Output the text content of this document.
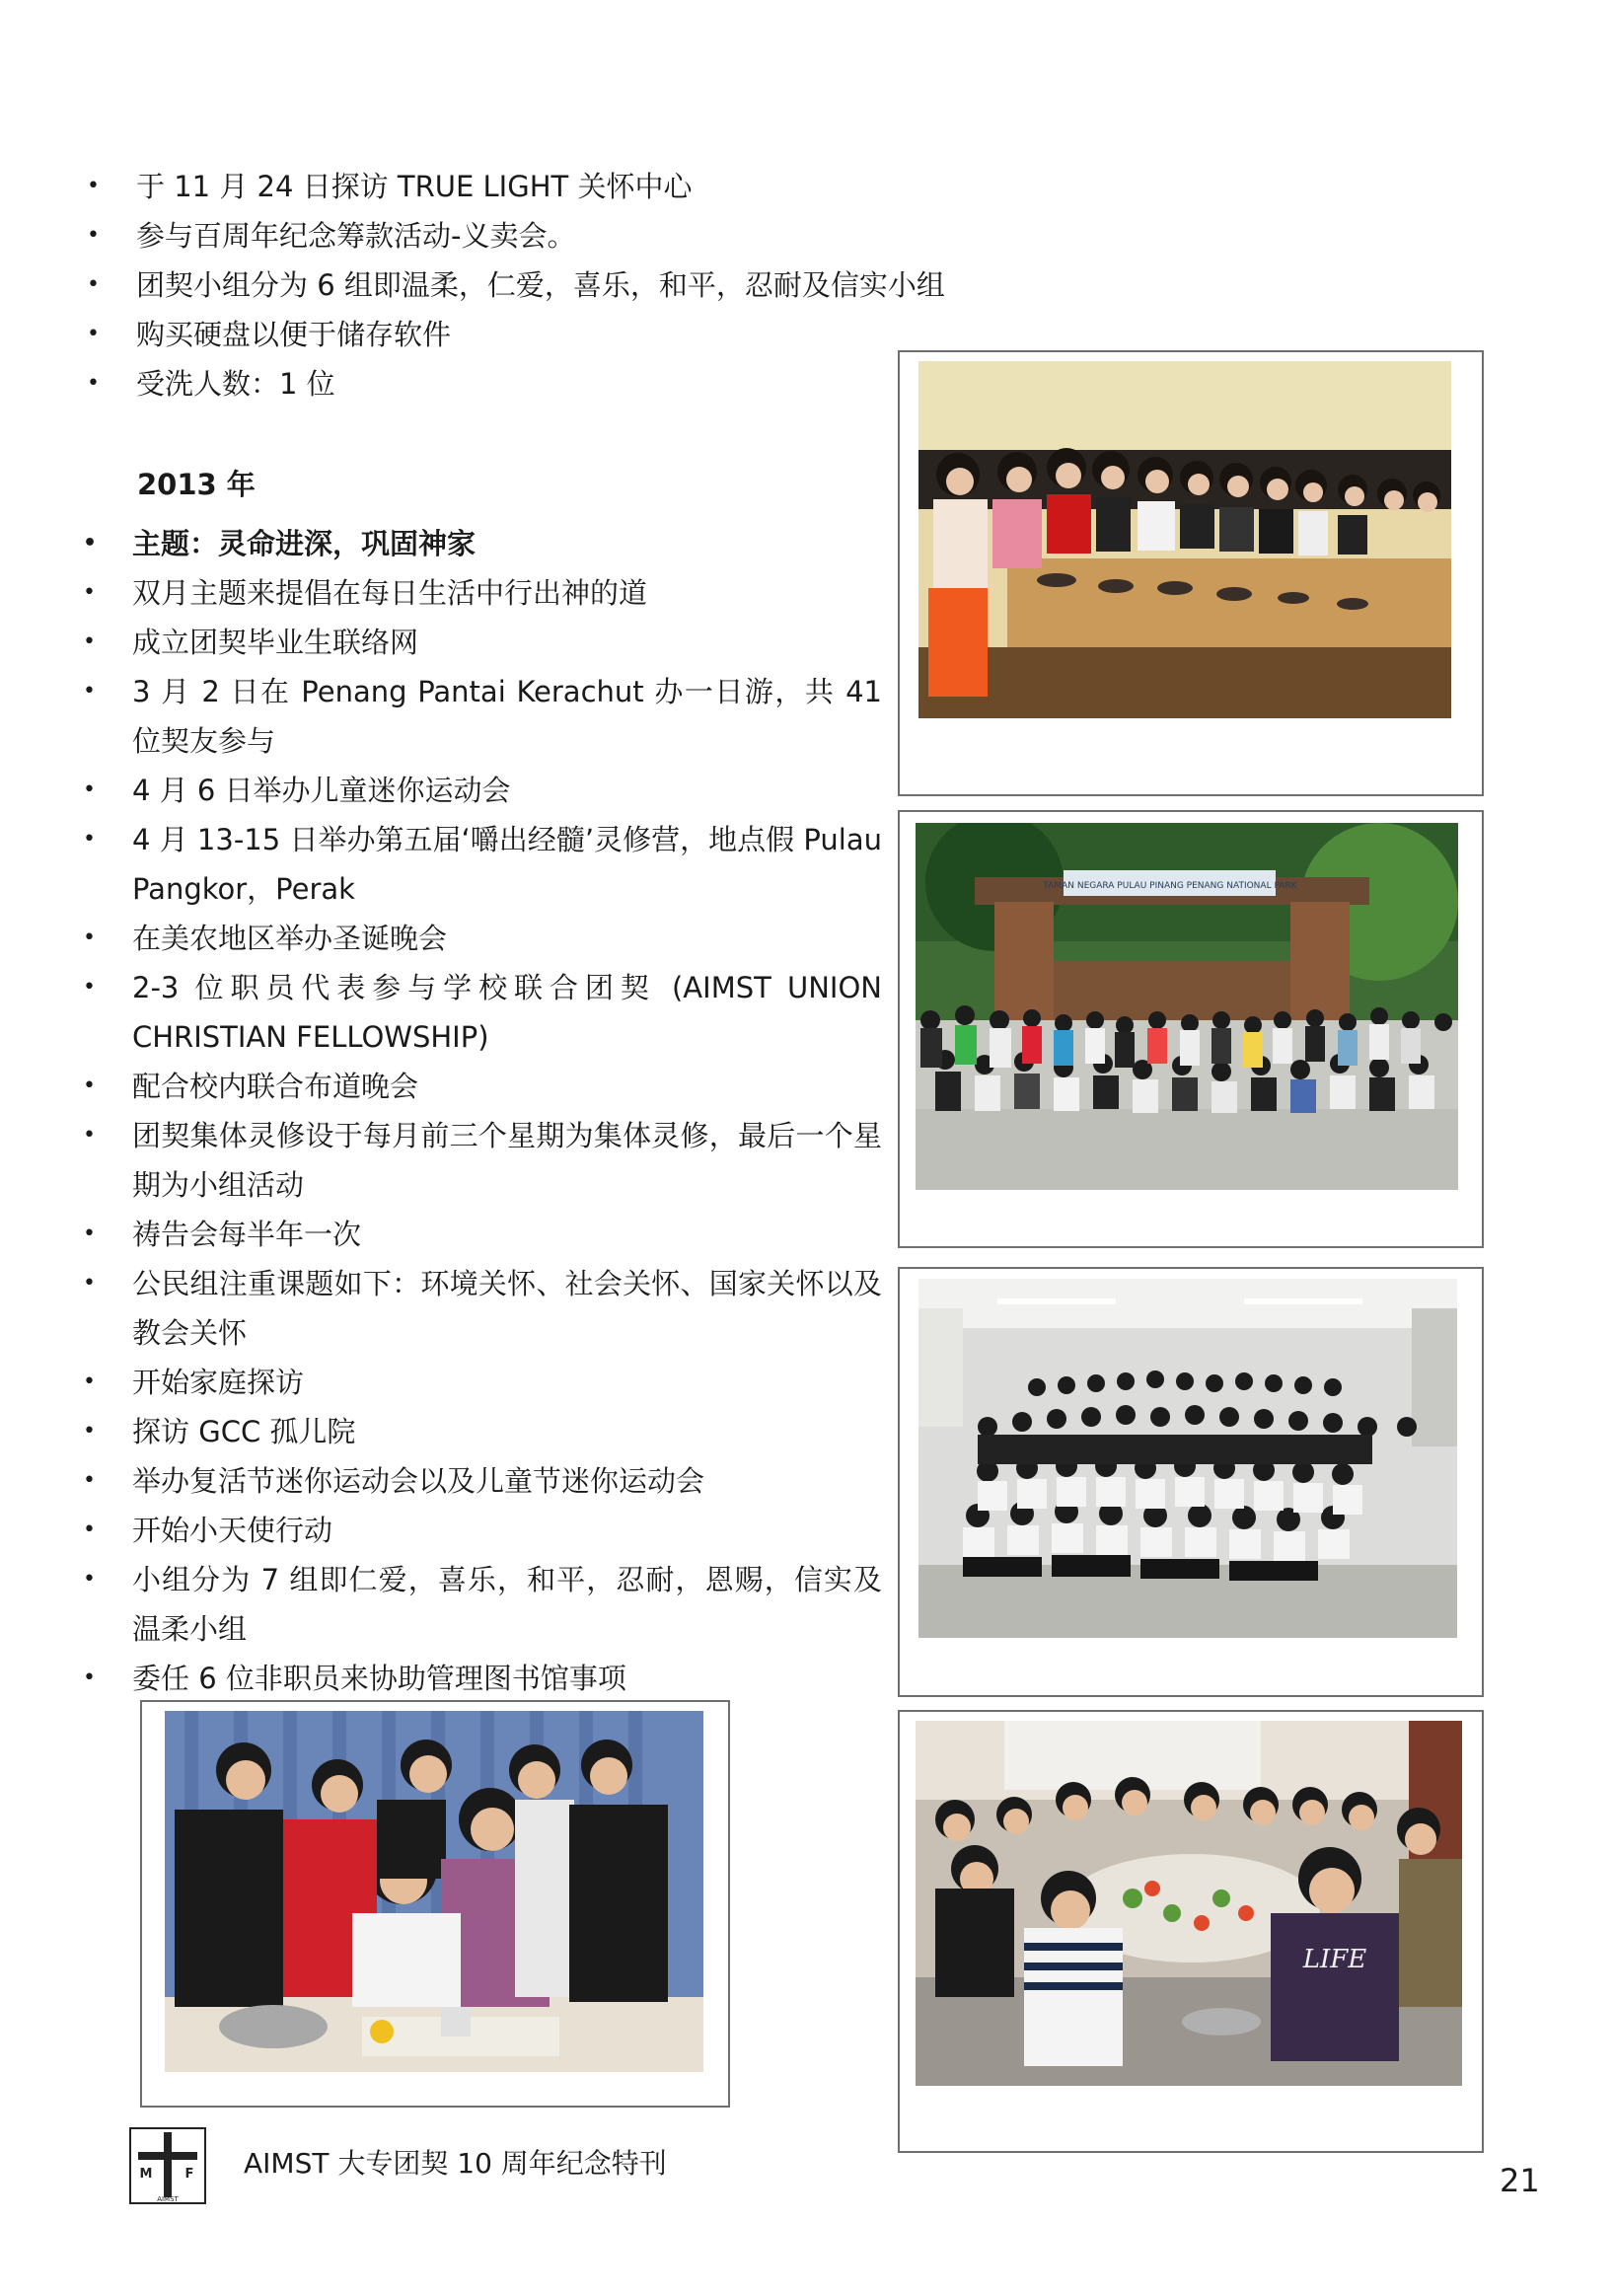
•	于 11 月 24 日探访 TRUE LIGHT 关怀中心
•	参与百周年纪念筹款活动-义卖会。
•	团契小组分为 6 组即温柔，仁爱，喜乐，和平，忍耐及信实小组
•	购买硬盘以便于储存软件
•	受洗人数：1 位
2013 年
•	主题：灵命进深，巩固神家
•	双月主题来提倡在每日生活中行出神的道
•	成立团契毕业生联络网
•	3 月 2 日在 Penang Pantai Kerachut 办一日游，共 41 位契友参与
•	4 月 6 日举办儿童迷你运动会
•	4 月 13-15 日举办第五届‘嚼出经髓’灵修营，地点假 Pulau Pangkor，Perak
•	在美农地区举办圣诞晚会
•	2-3 位职员代表参与学校联合团契 (AIMST UNION CHRISTIAN FELLOWSHIP)
•	配合校内联合布道晚会
•	团契集体灵修设于每月前三个星期为集体灵修，最后一个星期为小组活动
•	祷告会每半年一次
•	公民组注重课题如下：环境关怀、社会关怀、国家关怀以及教会关怀
•	开始家庭探访
•	探访 GCC 孤儿院
•	举办复活节迷你运动会以及儿童节迷你运动会
•	开始小天使行动
•	小组分为 7 组即仁爱，喜乐，和平，忍耐，恩赐，信实及温柔小组
•	委任 6 位非职员来协助管理图书馆事项
TAMAN NEGARA PULAU PINANG PENANG NATIONAL PARK
LIFE
C
M	F
AIMST
AIMST 大专团契 10 周年纪念特刊	21
